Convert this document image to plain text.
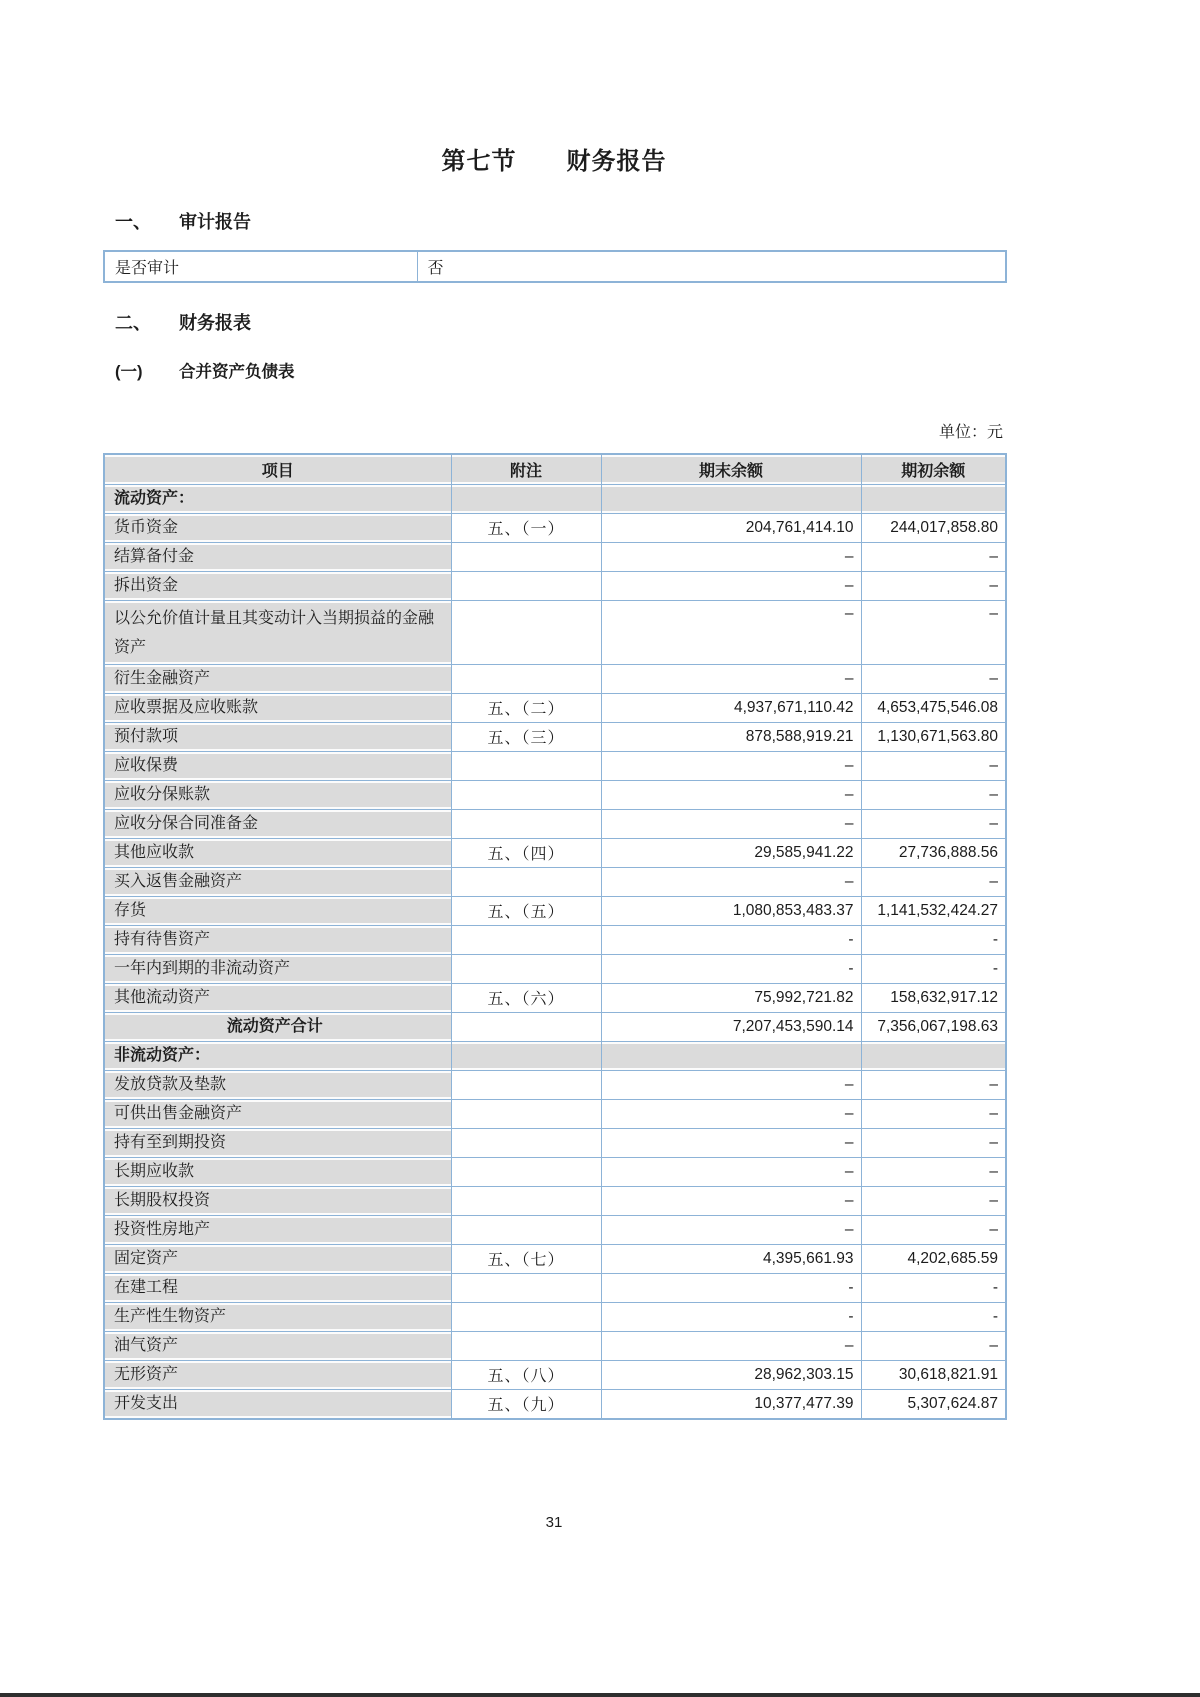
第七节　　财务报告
一、 审计报告
是否审计	否
二、 财务报表
(一) 合并资产负债表
单位：元
项目	附注	期末余额	期初余额
流动资产：			
货币资金	五、（一）	204,761,414.10	244,017,858.80
结算备付金		–	–
拆出资金		–	–
以公允价值计量且其变动计入当期损益的金融资产		–	–
衍生金融资产		–	–
应收票据及应收账款	五、（二）	4,937,671,110.42	4,653,475,546.08
预付款项	五、（三）	878,588,919.21	1,130,671,563.80
应收保费		–	–
应收分保账款		–	–
应收分保合同准备金		–	–
其他应收款	五、（四）	29,585,941.22	27,736,888.56
买入返售金融资产		–	–
存货	五、（五）	1,080,853,483.37	1,141,532,424.27
持有待售资产		-	-
一年内到期的非流动资产		-	-
其他流动资产	五、（六）	75,992,721.82	158,632,917.12
流动资产合计		7,207,453,590.14	7,356,067,198.63
非流动资产：			
发放贷款及垫款		–	–
可供出售金融资产		–	–
持有至到期投资		–	–
长期应收款		–	–
长期股权投资		–	–
投资性房地产		–	–
固定资产	五、（七）	4,395,661.93	4,202,685.59
在建工程		-	-
生产性生物资产		-	-
油气资产		–	–
无形资产	五、（八）	28,962,303.15	30,618,821.91
开发支出	五、（九）	10,377,477.39	5,307,624.87
31
